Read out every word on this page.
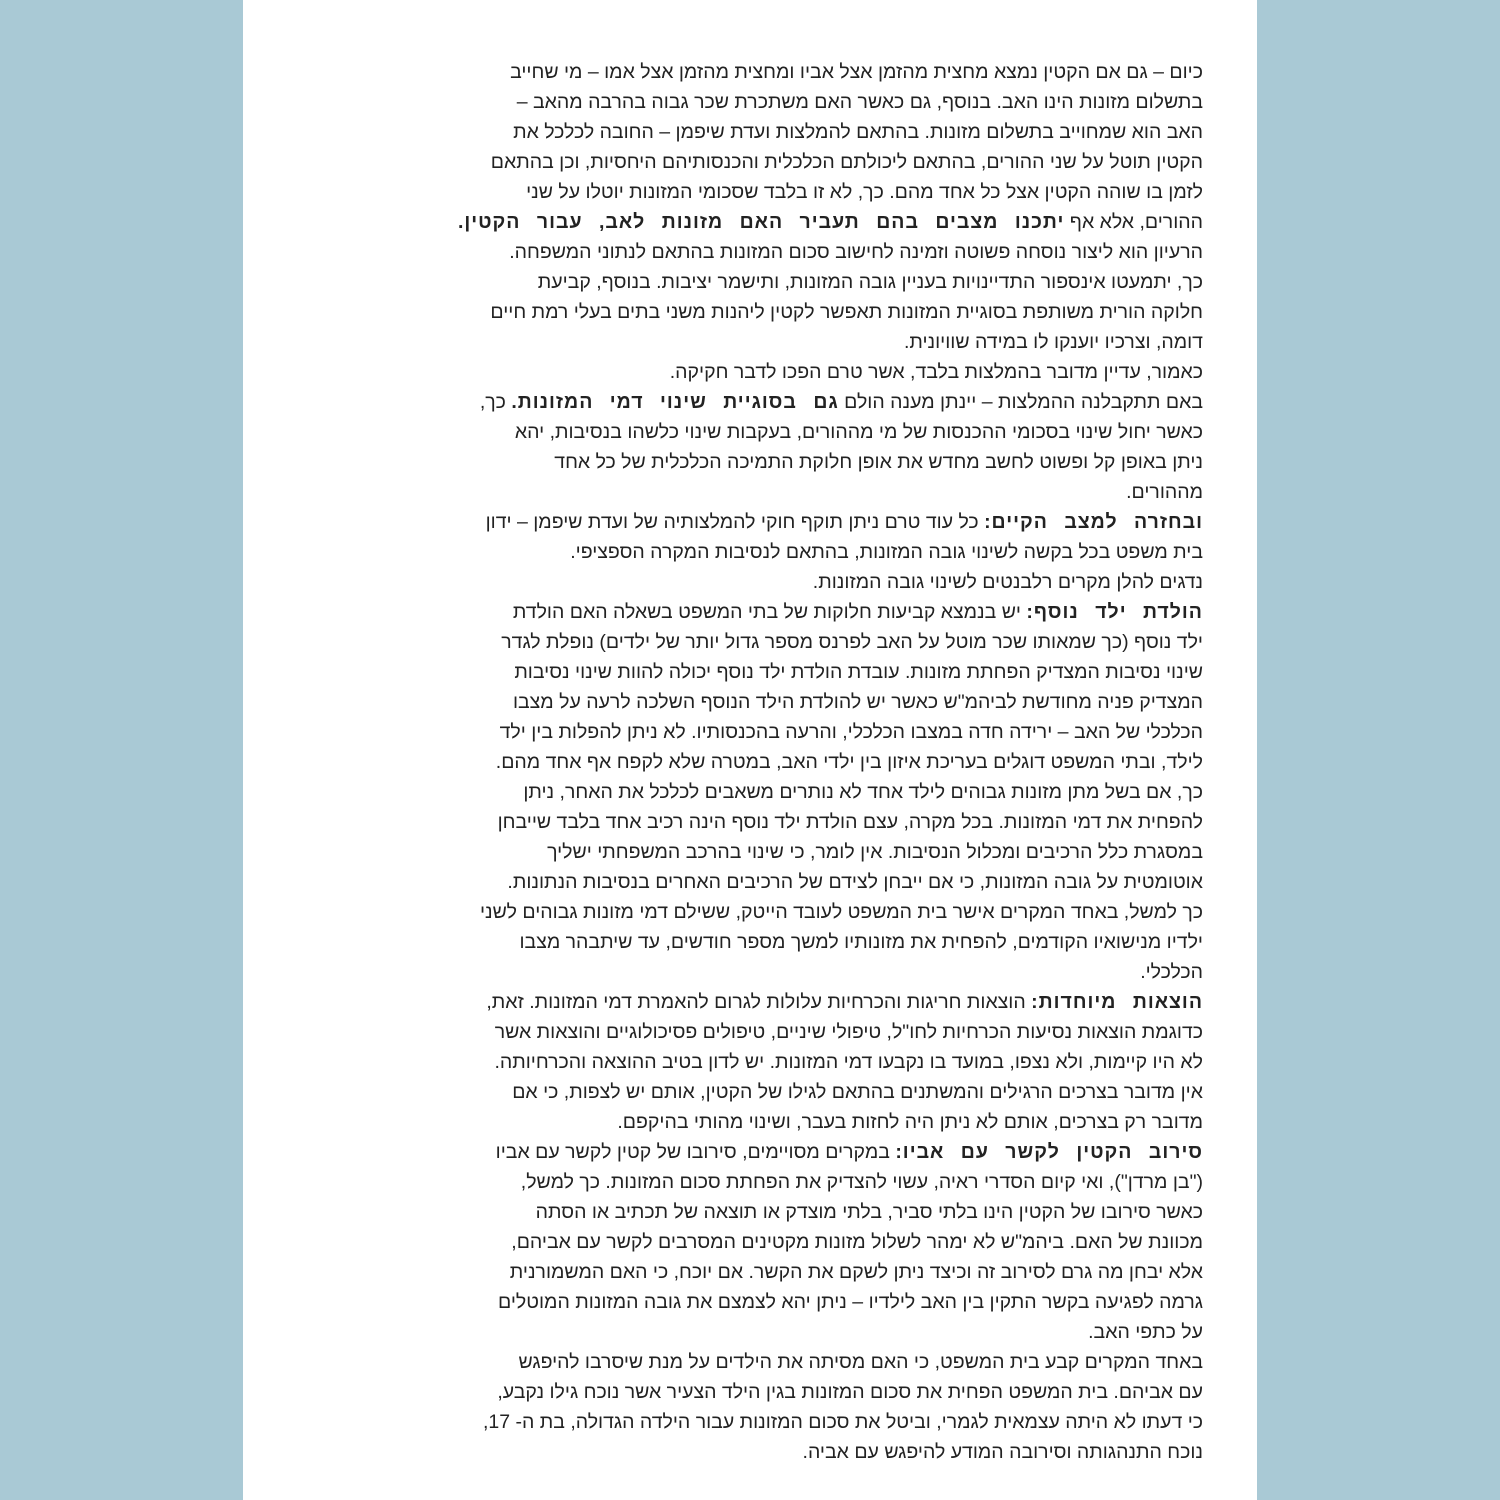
כיום – גם אם הקטין נמצא מחצית מהזמן אצל אביו ומחצית מהזמן אצל אמו – מי שחייב
בתשלום מזונות הינו האב. בנוסף, גם כאשר האם משתכרת שכר גבוה בהרבה מהאב –
האב הוא שמחוייב בתשלום מזונות. בהתאם להמלצות ועדת שיפמן – החובה לכלכל את
הקטין תוטל על שני ההורים, בהתאם ליכולתם הכלכלית והכנסותיהם היחסיות, וכן בהתאם
לזמן בו שוהה הקטין אצל כל אחד מהם. כך, לא זו בלבד שסכומי המזונות יוטלו על שני
ההורים, אלא אף יתכנו מצבים בהם תעביר האם מזונות לאב, עבור הקטין.
הרעיון הוא ליצור נוסחה פשוטה וזמינה לחישוב סכום המזונות בהתאם לנתוני המשפחה.
כך, יתמעטו אינספור התדיינויות בעניין גובה המזונות, ותישמר יציבות. בנוסף, קביעת
חלוקה הורית משותפת בסוגיית המזונות תאפשר לקטין ליהנות משני בתים בעלי רמת חיים
דומה, וצרכיו יוענקו לו במידה שוויונית.
כאמור, עדיין מדובר בהמלצות בלבד, אשר טרם הפכו לדבר חקיקה.
באם תתקבלנה ההמלצות – יינתן מענה הולם גם בסוגיית שינוי דמי המזונות. כך,
כאשר יחול שינוי בסכומי ההכנסות של מי מההורים, בעקבות שינוי כלשהו בנסיבות, יהא
ניתן באופן קל ופשוט לחשב מחדש את אופן חלוקת התמיכה הכלכלית של כל אחד
מההורים.
ובחזרה למצב הקיים: כל עוד טרם ניתן תוקף חוקי להמלצותיה של ועדת שיפמן – ידון
בית משפט בכל בקשה לשינוי גובה המזונות, בהתאם לנסיבות המקרה הספציפי.
נדגים להלן מקרים רלבנטים לשינוי גובה המזונות.
הולדת ילד נוסף: יש בנמצא קביעות חלוקות של בתי המשפט בשאלה האם הולדת
ילד נוסף (כך שמאותו שכר מוטל על האב לפרנס מספר גדול יותר של ילדים) נופלת לגדר
שינוי נסיבות המצדיק הפחתת מזונות. עובדת הולדת ילד נוסף יכולה להוות שינוי נסיבות
המצדיק פניה מחודשת לביהמ"ש כאשר יש להולדת הילד הנוסף השלכה לרעה על מצבו
הכלכלי של האב – ירידה חדה במצבו הכלכלי, והרעה בהכנסותיו. לא ניתן להפלות בין ילד
לילד, ובתי המשפט דוגלים בעריכת איזון בין ילדי האב, במטרה שלא לקפח אף אחד מהם.
כך, אם בשל מתן מזונות גבוהים לילד אחד לא נותרים משאבים לכלכל את האחר, ניתן
להפחית את דמי המזונות. בכל מקרה, עצם הולדת ילד נוסף הינה רכיב אחד בלבד שייבחן
במסגרת כלל הרכיבים ומכלול הנסיבות. אין לומר, כי שינוי בהרכב המשפחתי ישליך
אוטומטית על גובה המזונות, כי אם ייבחן לצידם של הרכיבים האחרים בנסיבות הנתונות.
כך למשל, באחד המקרים אישר בית המשפט לעובד הייטק, ששילם דמי מזונות גבוהים לשני
ילדיו מנישואיו הקודמים, להפחית את מזונותיו למשך מספר חודשים, עד שיתבהר מצבו
הכלכלי.
הוצאות מיוחדות: הוצאות חריגות והכרחיות עלולות לגרום להאמרת דמי המזונות. זאת,
כדוגמת הוצאות נסיעות הכרחיות לחו"ל, טיפולי שיניים, טיפולים פסיכולוגיים והוצאות אשר
לא היו קיימות, ולא נצפו, במועד בו נקבעו דמי המזונות. יש לדון בטיב ההוצאה והכרחיותה.
אין מדובר בצרכים הרגילים והמשתנים בהתאם לגילו של הקטין, אותם יש לצפות, כי אם
מדובר רק בצרכים, אותם לא ניתן היה לחזות בעבר, ושינוי מהותי בהיקפם.
סירוב הקטין לקשר עם אביו: במקרים מסויימים, סירובו של קטין לקשר עם אביו
("בן מרדן"), ואי קיום הסדרי ראיה, עשוי להצדיק את הפחתת סכום המזונות. כך למשל,
כאשר סירובו של הקטין הינו בלתי סביר, בלתי מוצדק או תוצאה של תכתיב או הסתה
מכוונת של האם. ביהמ"ש לא ימהר לשלול מזונות מקטינים המסרבים לקשר עם אביהם,
אלא יבחן מה גרם לסירוב זה וכיצד ניתן לשקם את הקשר. אם יוכח, כי האם המשמורנית
גרמה לפגיעה בקשר התקין בין האב לילדיו – ניתן יהא לצמצם את גובה המזונות המוטלים
על כתפי האב.
באחד המקרים קבע בית המשפט, כי האם מסיתה את הילדים על מנת שיסרבו להיפגש
עם אביהם. בית המשפט הפחית את סכום המזונות בגין הילד הצעיר אשר נוכח גילו נקבע,
כי דעתו לא היתה עצמאית לגמרי, וביטל את סכום המזונות עבור הילדה הגדולה, בת ה- 17,
נוכח התנהגותה וסירובה המודע להיפגש עם אביה.
